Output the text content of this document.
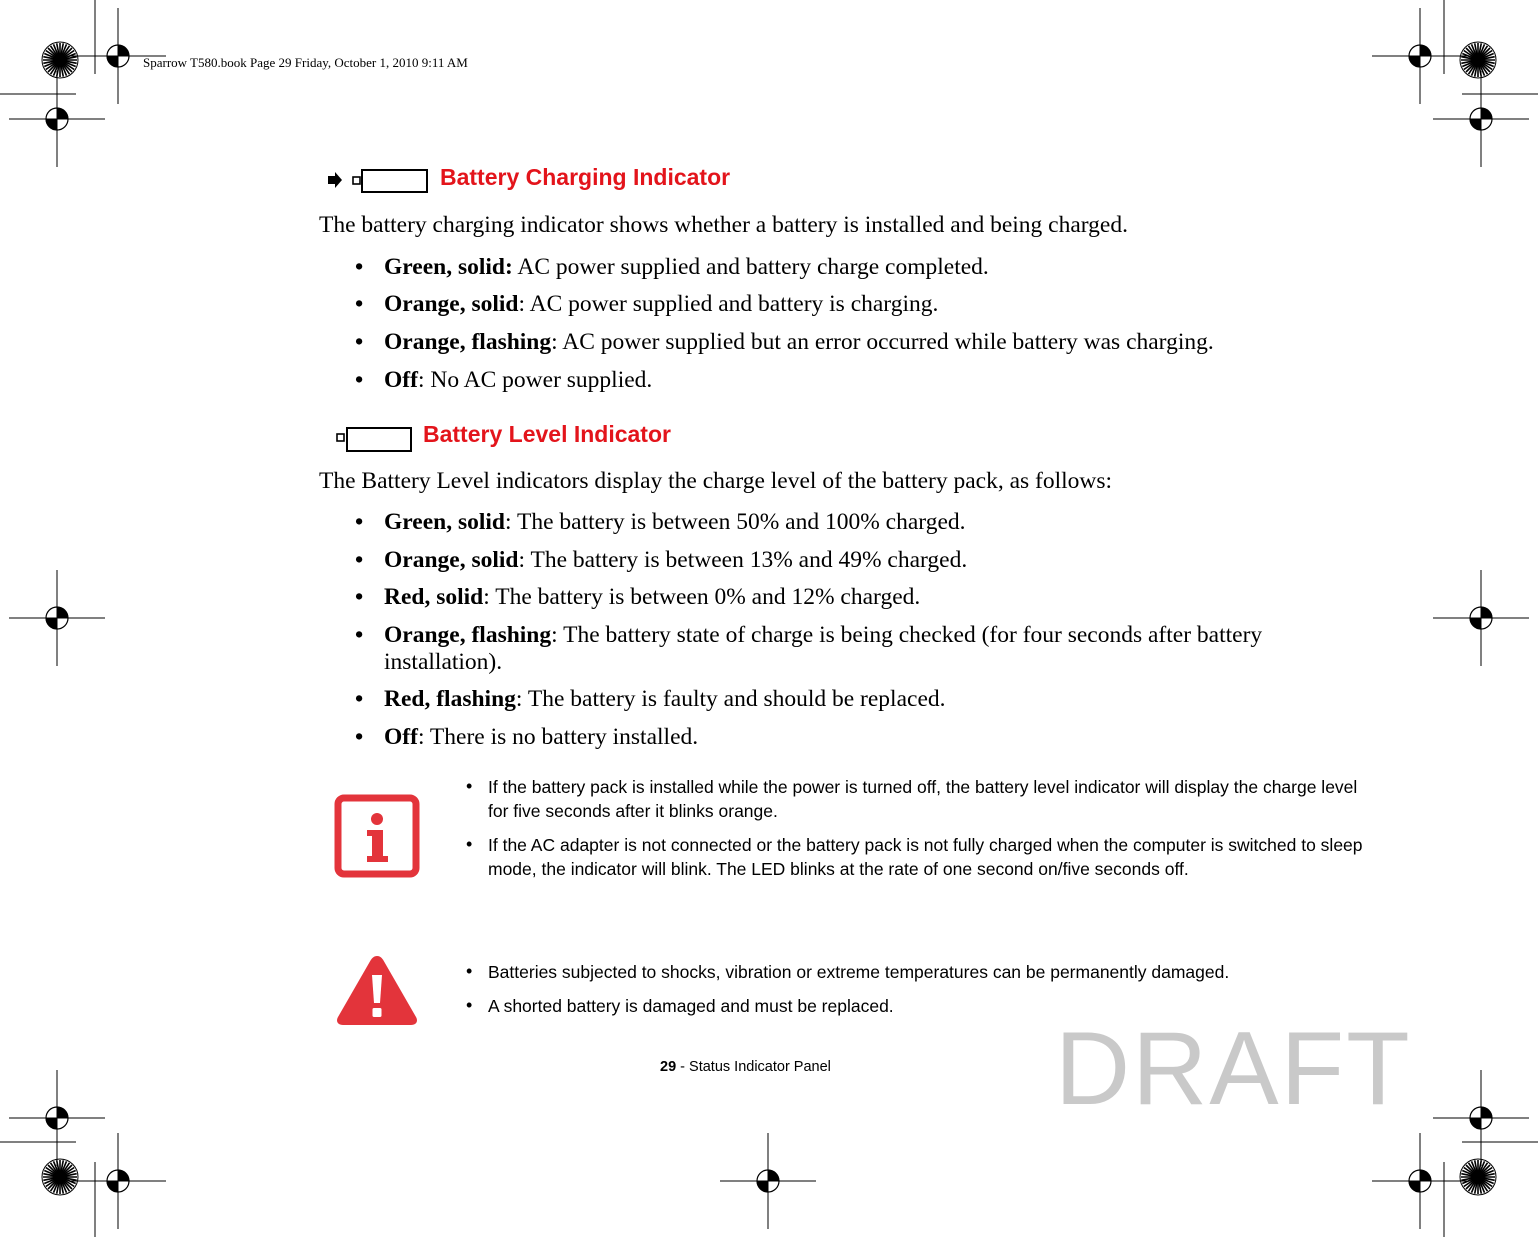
Sparrow T580.book Page 29 Friday, October 1, 2010 9:11 AM
Battery Charging Indicator
The battery charging indicator shows whether a battery is installed and being charged.
• Green, solid: AC power supplied and battery charge completed.
• Orange, solid: AC power supplied and battery is charging.
• Orange, flashing: AC power supplied but an error occurred while battery was charging.
• Off: No AC power supplied.
Battery Level Indicator
The Battery Level indicators display the charge level of the battery pack, as follows:
• Green, solid: The battery is between 50% and 100% charged.
• Orange, solid: The battery is between 13% and 49% charged.
• Red, solid: The battery is between 0% and 12% charged.
• Orange, flashing: The battery state of charge is being checked (for four seconds after battery
installation).
• Red, flashing: The battery is faulty and should be replaced.
• Off: There is no battery installed.
• If the battery pack is installed while the power is turned off, the battery level indicator will display the charge level for five seconds after it blinks orange.
• If the AC adapter is not connected or the battery pack is not fully charged when the computer is switched to sleep mode, the indicator will blink. The LED blinks at the rate of one second on/five seconds off.
• Batteries subjected to shocks, vibration or extreme temperatures can be permanently damaged.
• A shorted battery is damaged and must be replaced.
29 - Status Indicator Panel DRAFT
